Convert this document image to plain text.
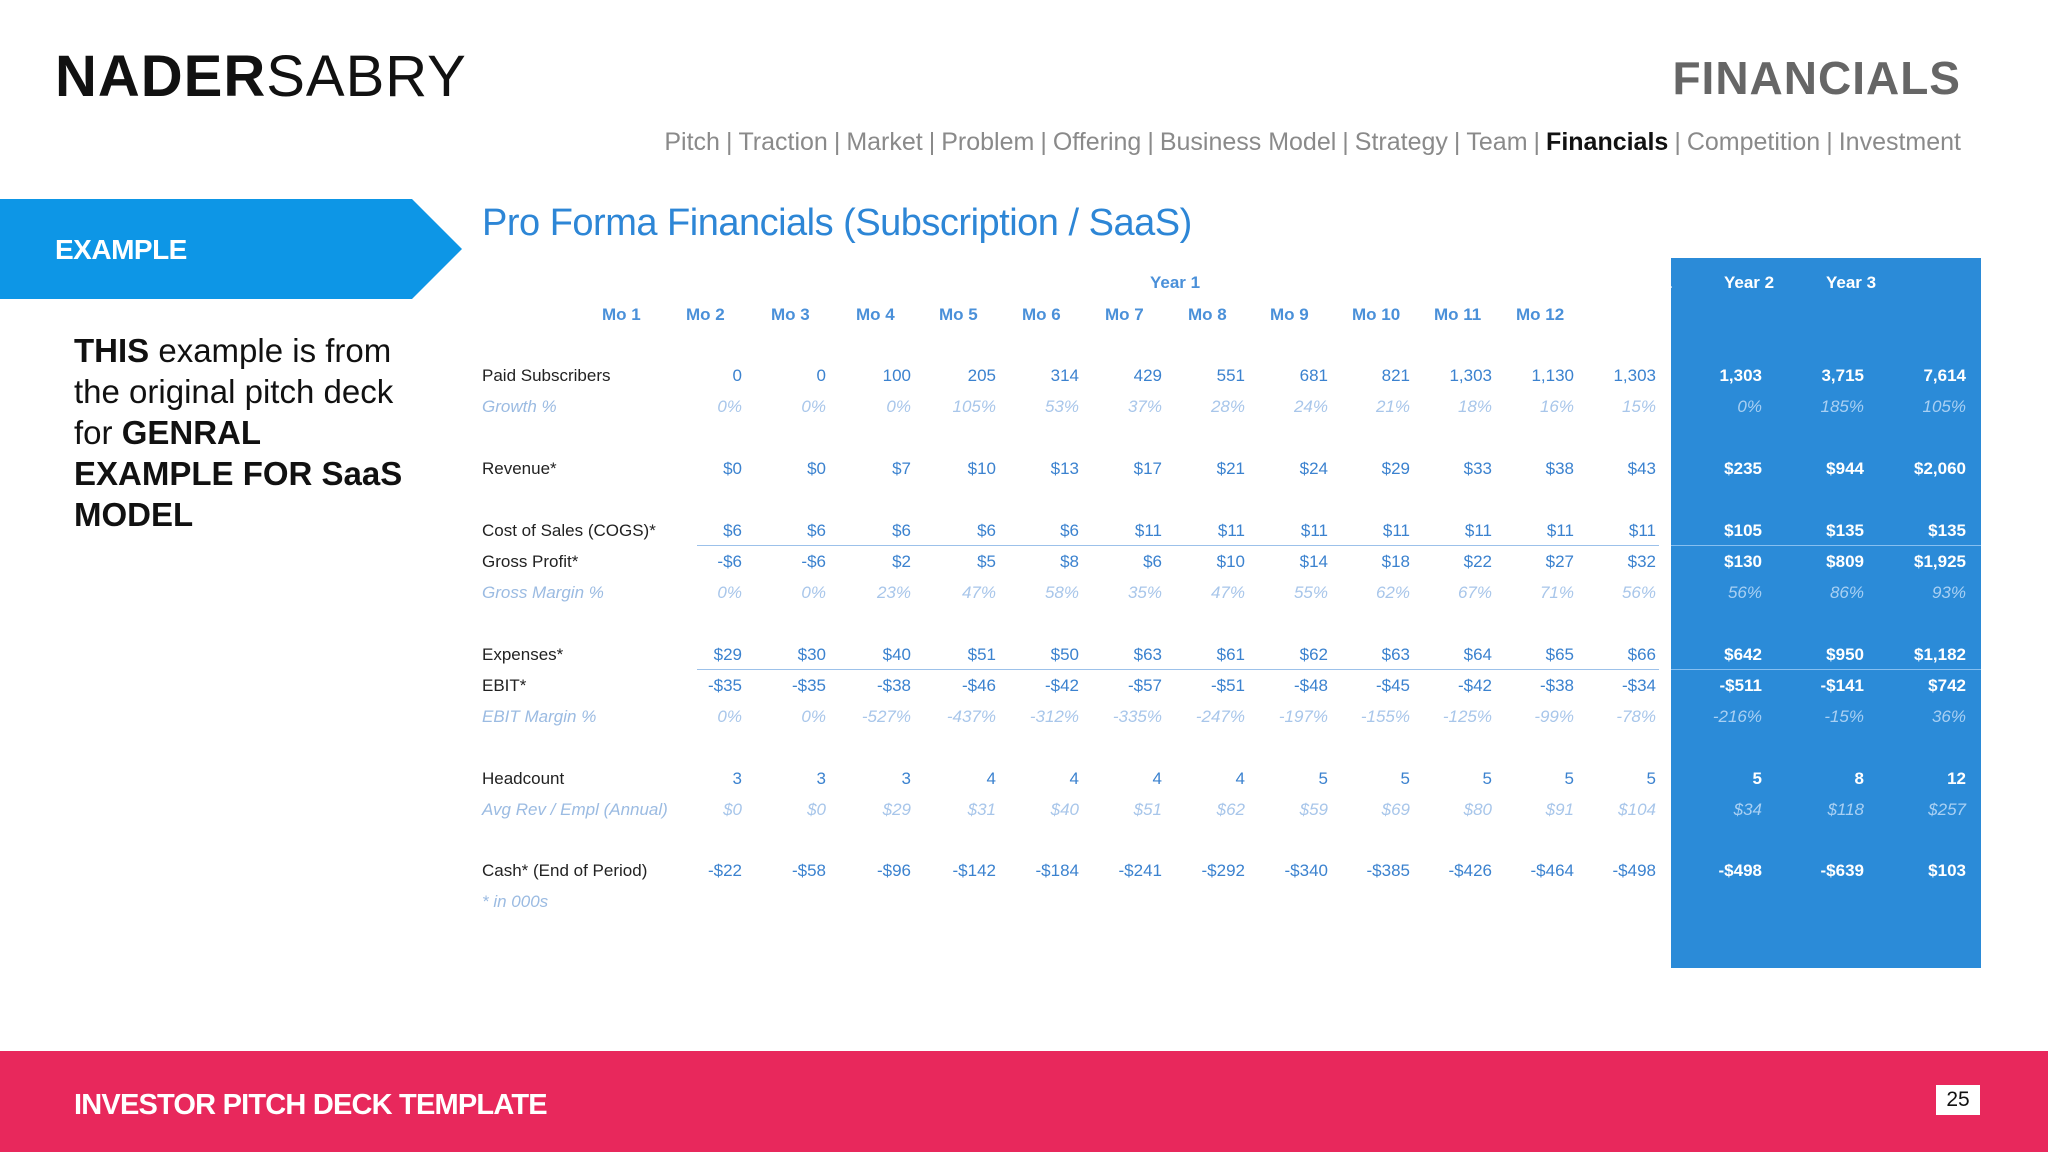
NADERSABRY	FINANCIALS
Pitch | Traction | Market | Problem | Offering | Business Model | Strategy | Team | Financials | Competition | Investment
EXAMPLE
THIS example is from the original pitch deck for GENRAL EXAMPLE FOR SaaS MODEL
Pro Forma Financials (Subscription / SaaS)
Year 1
Mo 1	Mo 2	Mo 3	Mo 4	Mo 5	Mo 6	Mo 7	Mo 8	Mo 9	Mo 10	Mo 11	Mo 12
Year 1	Year 2	Year 3
Paid Subscribers	0	0	100	205	314	429	551	681	821	1,303	1,130	1,303	1,303	3,715	7,614
Growth %	0%	0%	0%	105%	53%	37%	28%	24%	21%	18%	16%	15%	0%	185%	105%
Revenue*	$0	$0	$7	$10	$13	$17	$21	$24	$29	$33	$38	$43	$235	$944	$2,060
Cost of Sales (COGS)*	$6	$6	$6	$6	$6	$11	$11	$11	$11	$11	$11	$11	$105	$135	$135
Gross Profit*	-$6	-$6	$2	$5	$8	$6	$10	$14	$18	$22	$27	$32	$130	$809	$1,925
Gross Margin %	0%	0%	23%	47%	58%	35%	47%	55%	62%	67%	71%	56%	56%	86%	93%
Expenses*	$29	$30	$40	$51	$50	$63	$61	$62	$63	$64	$65	$66	$642	$950	$1,182
EBIT*	-$35	-$35	-$38	-$46	-$42	-$57	-$51	-$48	-$45	-$42	-$38	-$34	-$511	-$141	$742
EBIT Margin %	0%	0%	-527%	-437%	-312%	-335%	-247%	-197%	-155%	-125%	-99%	-78%	-216%	-15%	36%
Headcount	3	3	3	4	4	4	4	5	5	5	5	5	5	8	12
Avg Rev / Empl (Annual)	$0	$0	$29	$31	$40	$51	$62	$59	$69	$80	$91	$104	$34	$118	$257
Cash* (End of Period)	-$22	-$58	-$96	-$142	-$184	-$241	-$292	-$340	-$385	-$426	-$464	-$498	-$498	-$639	$103
* in 000s
INVESTOR PITCH DECK TEMPLATE	25
